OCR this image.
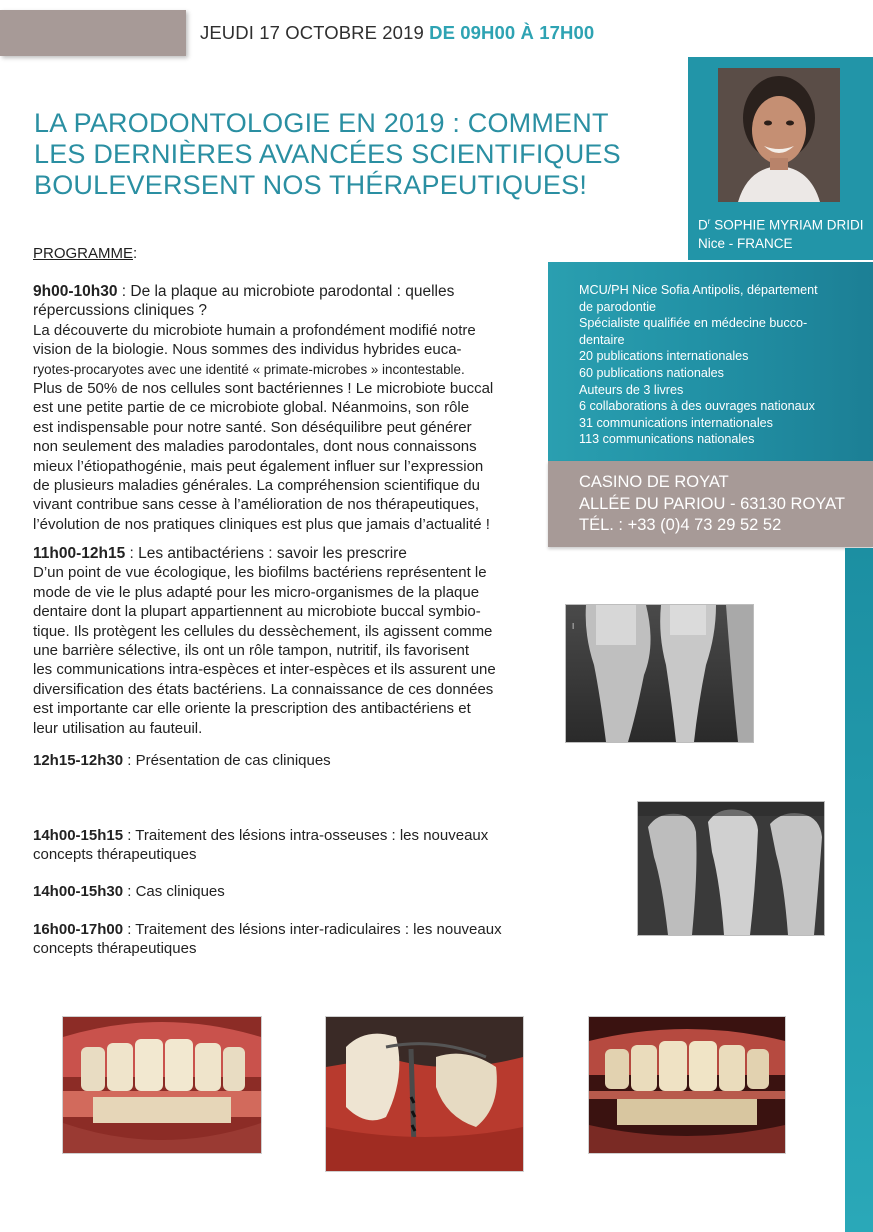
JEUDI 17 OCTOBRE 2019 DE 09H00 À 17H00
LA PARODONTOLOGIE EN 2019 : COMMENT
LES DERNIÈRES AVANCÉES SCIENTIFIQUES
BOULEVERSENT NOS THÉRAPEUTIQUES!
$D^r$ SOPHIE MYRIAM DRIDI
Nice - FRANCE
MCU/PH Nice Sofia Antipolis, département
de parodontie
Spécialiste qualifiée en médecine bucco-
dentaire
20 publications internationales
60 publications nationales
Auteurs de 3 livres
6 collaborations à des ouvrages nationaux
31 communications internationales
113 communications nationales
CASINO DE ROYAT
ALLÉE DU PARIOU - 63130 ROYAT
TÉL. : +33 (0)4 73 29 52 52
PROGRAMME:
9h00-10h30 : De la plaque au microbiote parodontal : quelles
répercussions cliniques ?
La découverte du microbiote humain a profondément modifié notre
vision de la biologie. Nous sommes des individus hybrides euca-
ryotes-procaryotes avec une identité « primate-microbes » incontestable.
Plus de 50% de nos cellules sont bactériennes ! Le microbiote buccal
est une petite partie de ce microbiote global. Néanmoins, son rôle
est indispensable pour notre santé. Son déséquilibre peut générer
non seulement des maladies parodontales, dont nous connaissons
mieux l’étiopathogénie, mais peut également influer sur l’expression
de plusieurs maladies générales. La compréhension scientifique du
vivant contribue sans cesse à l’amélioration de nos thérapeutiques,
l’évolution de nos pratiques cliniques est plus que jamais d’actualité !
11h00-12h15 : Les antibactériens : savoir les prescrire
D’un point de vue écologique, les biofilms bactériens représentent le
mode de vie le plus adapté pour les micro-organismes de la plaque
dentaire dont la plupart appartiennent au microbiote buccal symbio-
tique. Ils protègent les cellules du dessèchement, ils agissent comme
une barrière sélective, ils ont un rôle tampon, nutritif, ils favorisent
les communications intra-espèces et inter-espèces et ils assurent une
diversification des états bactériens. La connaissance de ces données
est importante car elle oriente la prescription des antibactériens et
leur utilisation au fauteuil.
12h15-12h30 : Présentation de cas cliniques
14h00-15h15 : Traitement des lésions intra-osseuses : les nouveaux
concepts thérapeutiques
14h00-15h30 : Cas cliniques
16h00-17h00 : Traitement des lésions inter-radiculaires : les nouveaux
concepts thérapeutiques
I
